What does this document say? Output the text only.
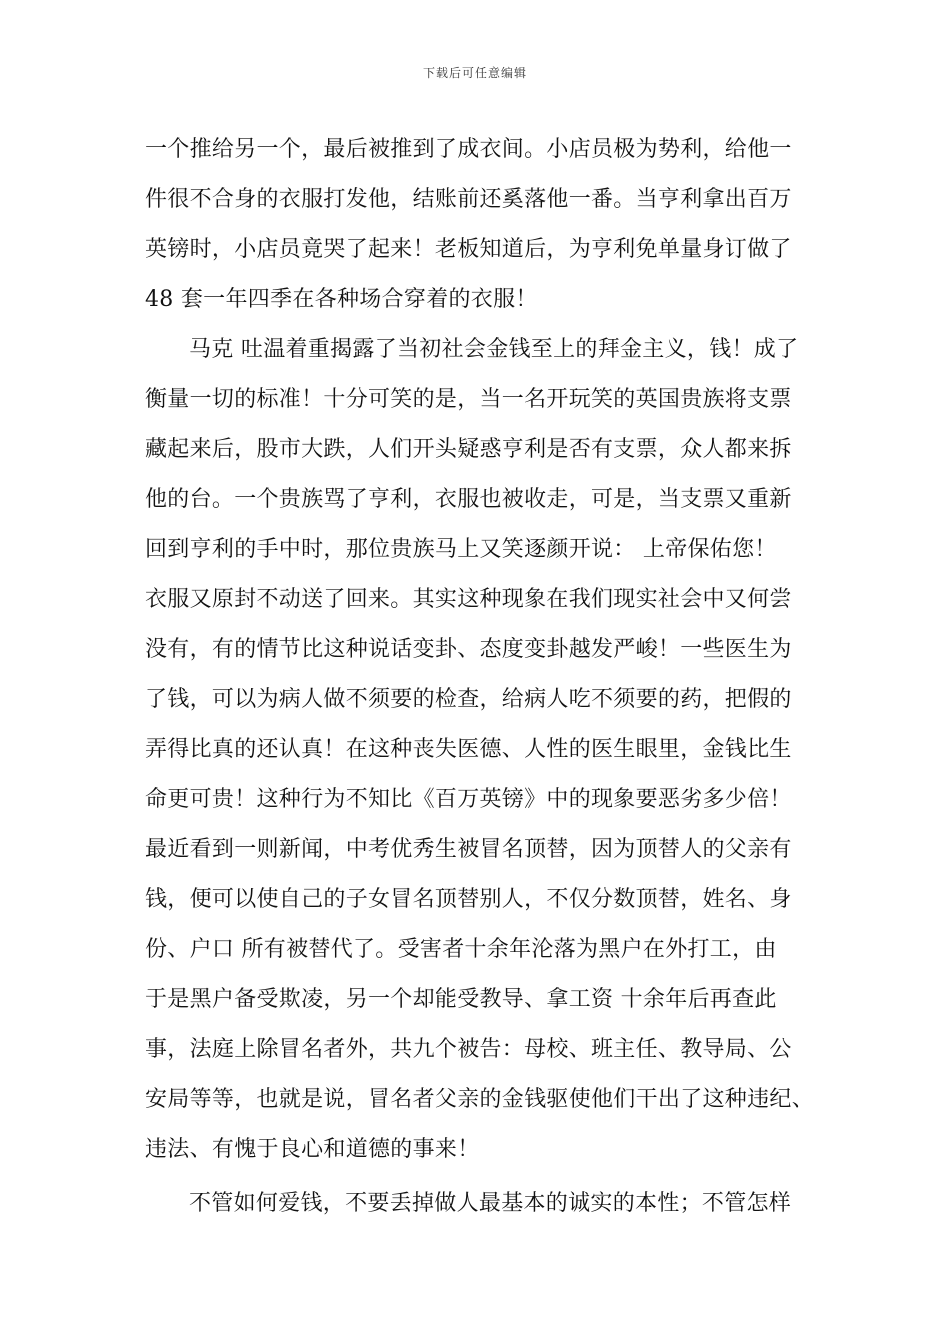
下载后可任意编辑
一个推给另一个，最后被推到了成衣间。小店员极为势利，给他一
件很不合身的衣服打发他，结账前还奚落他一番。当亨利拿出百万
英镑时，小店员竟哭了起来！老板知道后，为亨利免单量身订做了
48 套一年四季在各种场合穿着的衣服！
马克 吐温着重揭露了当初社会金钱至上的拜金主义，钱！成了
衡量一切的标准！十分可笑的是，当一名开玩笑的英国贵族将支票
藏起来后，股市大跌，人们开头疑惑亨利是否有支票，众人都来拆
他的台。一个贵族骂了亨利，衣服也被收走，可是，当支票又重新
回到亨利的手中时，那位贵族马上又笑逐颜开说： 上帝保佑您！
衣服又原封不动送了回来。其实这种现象在我们现实社会中又何尝
没有，有的情节比这种说话变卦、态度变卦越发严峻！一些医生为
了钱，可以为病人做不须要的检查，给病人吃不须要的药，把假的
弄得比真的还认真！在这种丧失医德、人性的医生眼里，金钱比生
命更可贵！这种行为不知比《百万英镑》中的现象要恶劣多少倍！
最近看到一则新闻，中考优秀生被冒名顶替，因为顶替人的父亲有
钱，便可以使自己的子女冒名顶替别人，不仅分数顶替，姓名、身
份、户口 所有被替代了。受害者十余年沦落为黑户在外打工，由
于是黑户备受欺凌，另一个却能受教导、拿工资 十余年后再查此
事，法庭上除冒名者外，共九个被告：母校、班主任、教导局、公
安局等等，也就是说，冒名者父亲的金钱驱使他们干出了这种违纪、
违法、有愧于良心和道德的事来！
不管如何爱钱，不要丢掉做人最基本的诚实的本性；不管怎样
